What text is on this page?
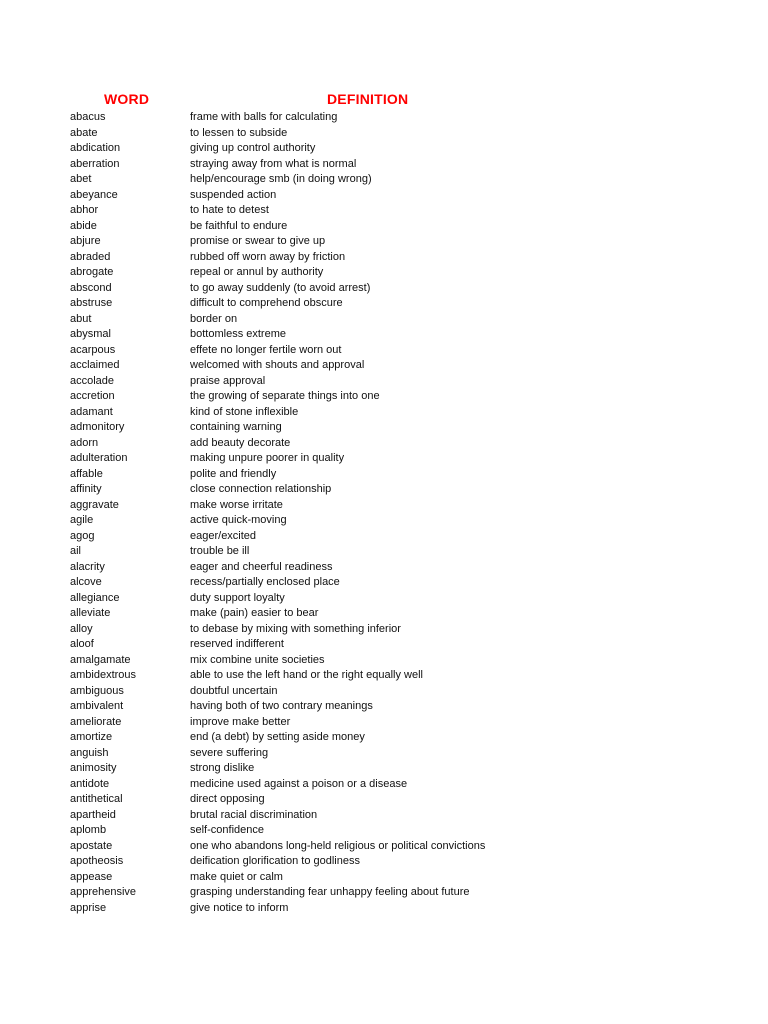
WORD	DEFINITION
abacus	frame with balls for calculating
abate	to lessen to subside
abdication	giving up control authority
aberration	straying away from what is normal
abet	help/encourage smb (in doing wrong)
abeyance	suspended action
abhor	to hate to detest
abide	be faithful to endure
abjure	promise or swear to give up
abraded	rubbed off worn away by friction
abrogate	repeal or annul by authority
abscond	to go away suddenly (to avoid arrest)
abstruse	difficult to comprehend obscure
abut	border on
abysmal	bottomless extreme
acarpous	effete no longer fertile worn out
acclaimed	welcomed with shouts and approval
accolade	praise approval
accretion	the growing of separate things into one
adamant	kind of stone inflexible
admonitory	containing warning
adorn	add beauty decorate
adulteration	making unpure poorer in quality
affable	polite and friendly
affinity	close connection relationship
aggravate	make worse irritate
agile	active quick-moving
agog	eager/excited
ail	trouble be ill
alacrity	eager and cheerful readiness
alcove	recess/partially enclosed place
allegiance	duty support loyalty
alleviate	make (pain) easier to bear
alloy	to debase by mixing with something inferior
aloof	reserved indifferent
amalgamate	mix combine unite societies
ambidextrous	able to use the left hand or the right equally well
ambiguous	doubtful uncertain
ambivalent	having both of two contrary meanings
ameliorate	improve make better
amortize	end (a debt) by setting aside money
anguish	severe suffering
animosity	strong dislike
antidote	medicine used against a poison or a disease
antithetical	direct opposing
apartheid	brutal racial discrimination
aplomb	self-confidence
apostate	one who abandons long-held religious or political convictions
apotheosis	deification glorification to godliness
appease	make quiet or calm
apprehensive	grasping understanding fear unhappy feeling about future
apprise	give notice to inform
